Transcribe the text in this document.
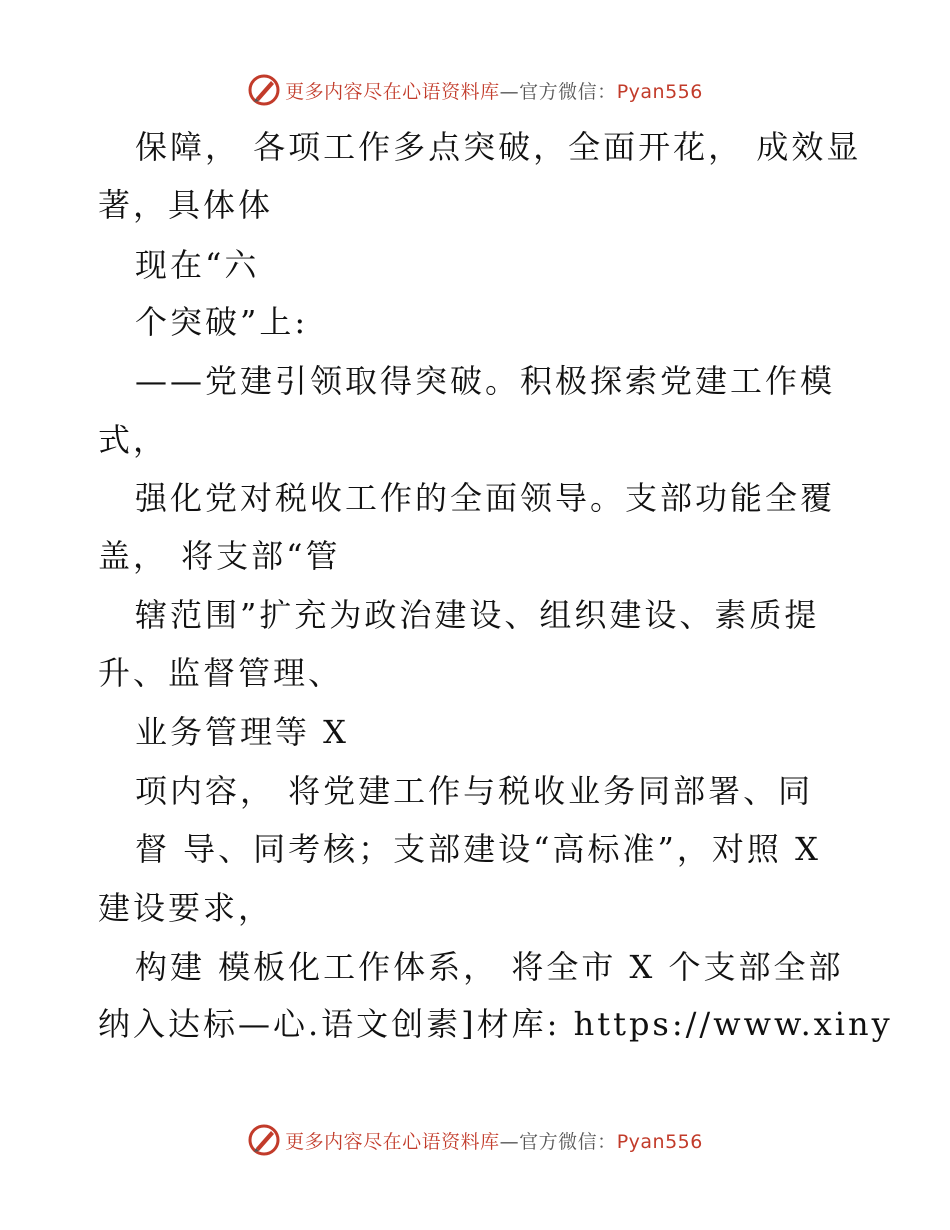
更多内容尽在心语资料库—官方微信：Pyan556
保障， 各项工作多点突破，全面开花， 成效显
著，具体体
现在“六
个突破”上:
——党建引领取得突破。积极探索党建工作模
式，
强化党对税收工作的全面领导。支部功能全覆
盖， 将支部“管
辖范围”扩充为政治建设、组织建设、素质提
升、监督管理、
业务管理等 X
项内容， 将党建工作与税收业务同部署、同
督 导、同考核；支部建设“高标准”，对照 X
建设要求，
构建 模板化工作体系， 将全市 X 个支部全部
纳入达标—心.语文创素]材库: https://www.xiny
更多内容尽在心语资料库—官方微信：Pyan556
